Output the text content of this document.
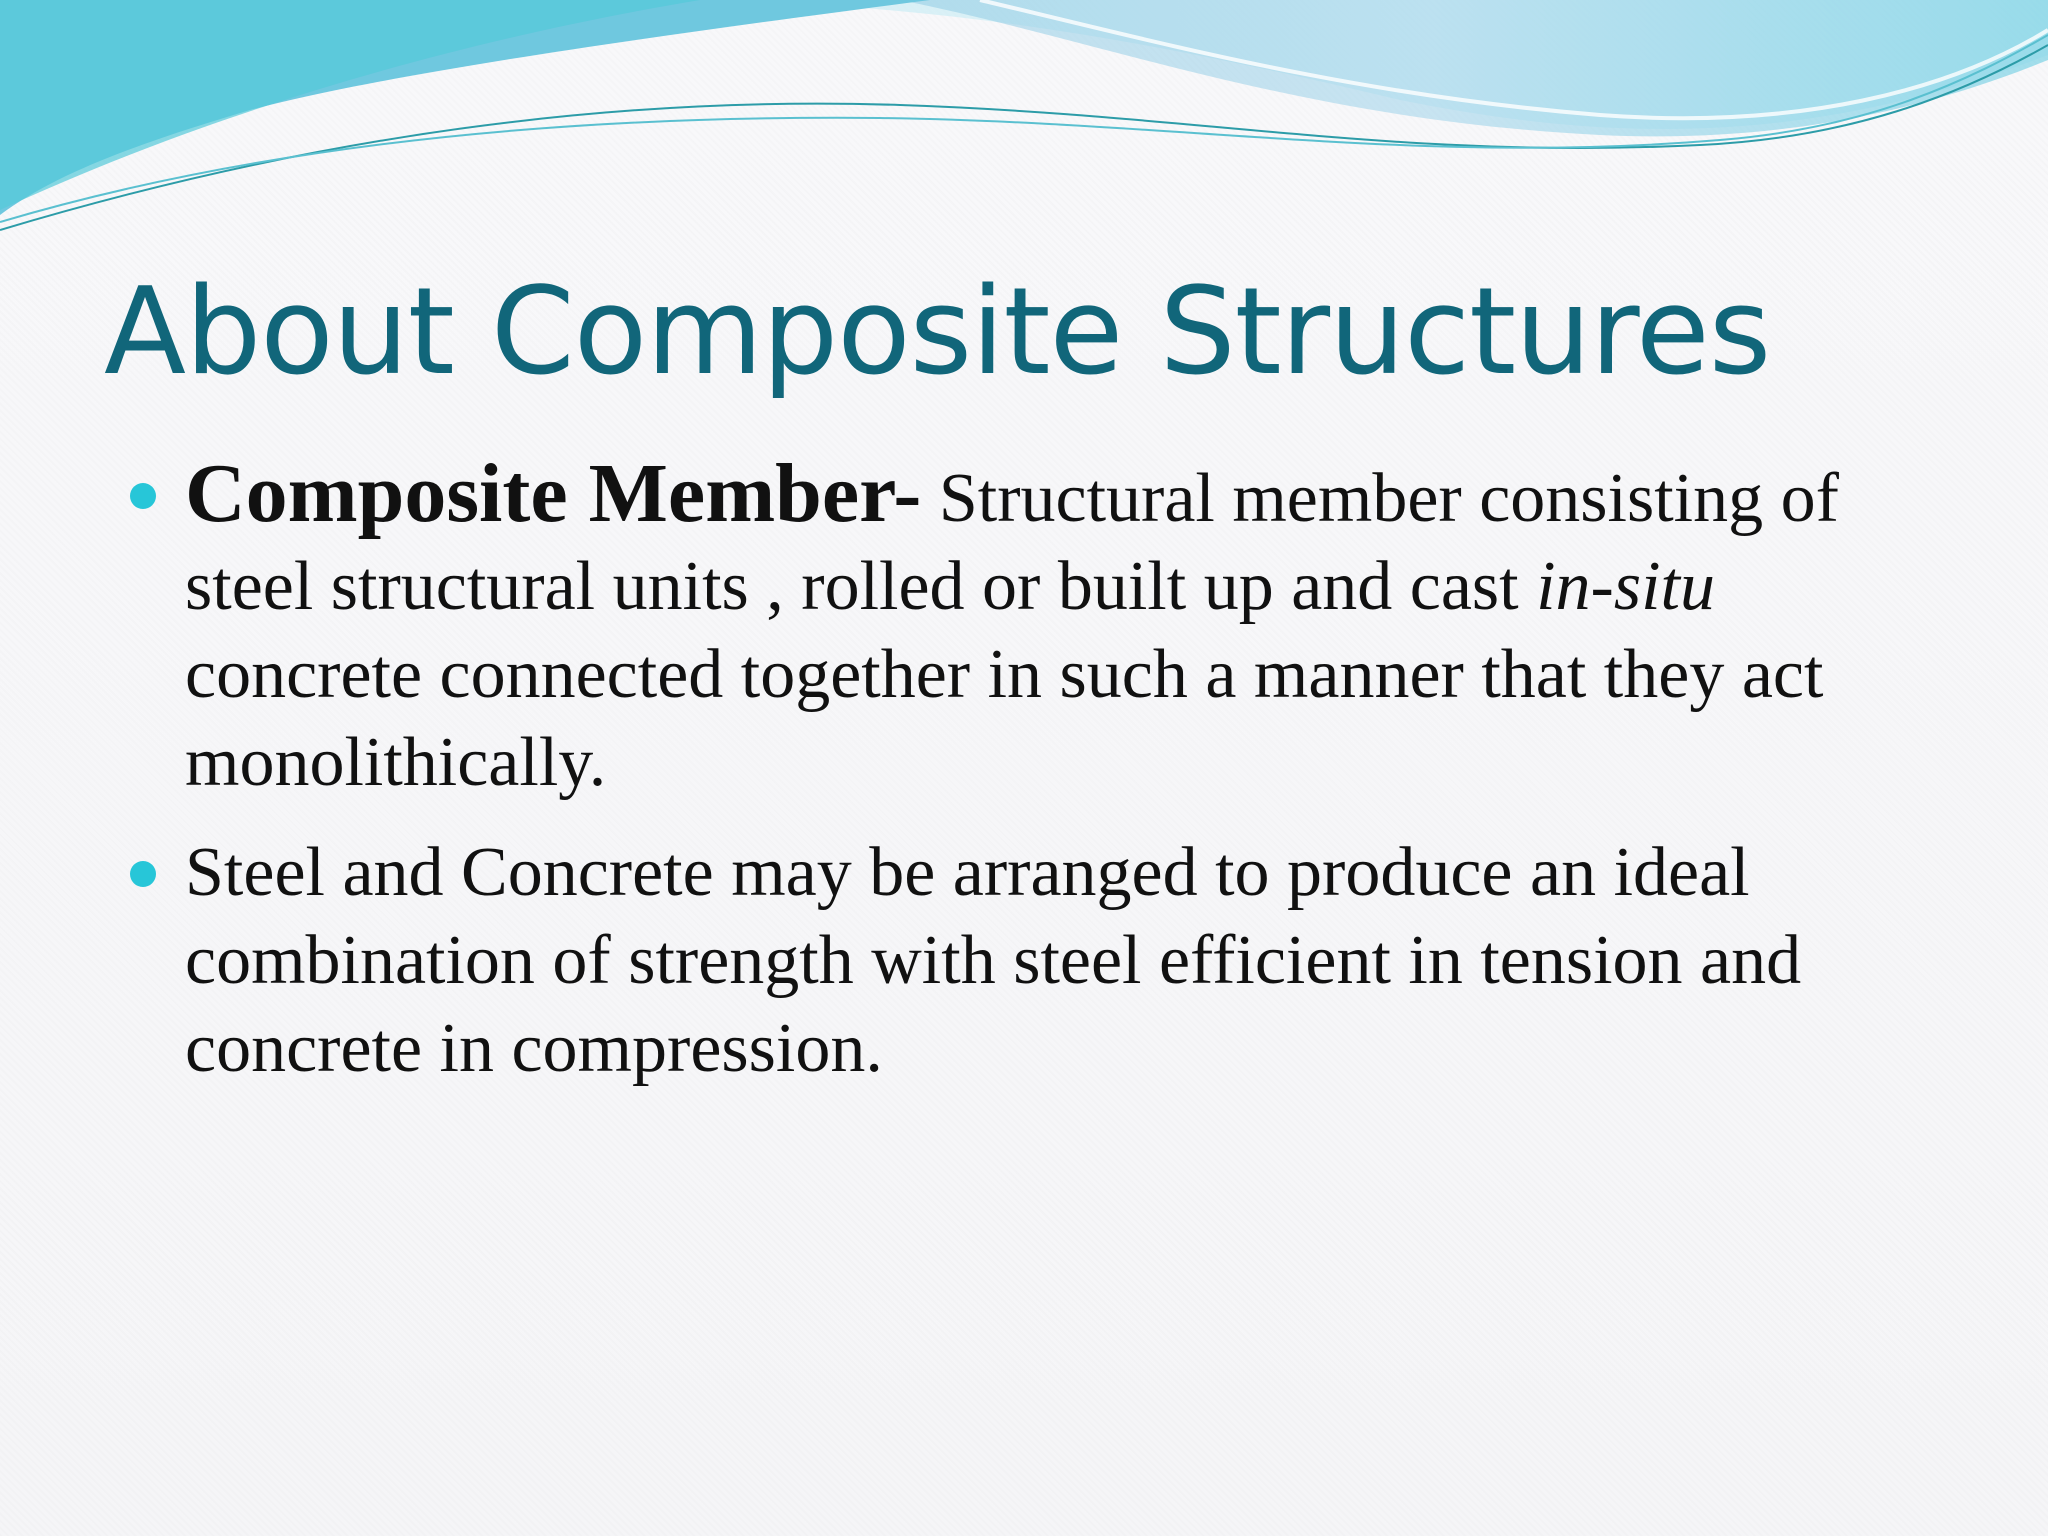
About Composite Structures
Composite Member- Structural member consisting of steel structural units , rolled or built up and cast in-situ concrete connected together in such a manner that they act monolithically.
Steel and Concrete may be arranged to produce an ideal combination of strength with steel efficient in tension and concrete in compression.
